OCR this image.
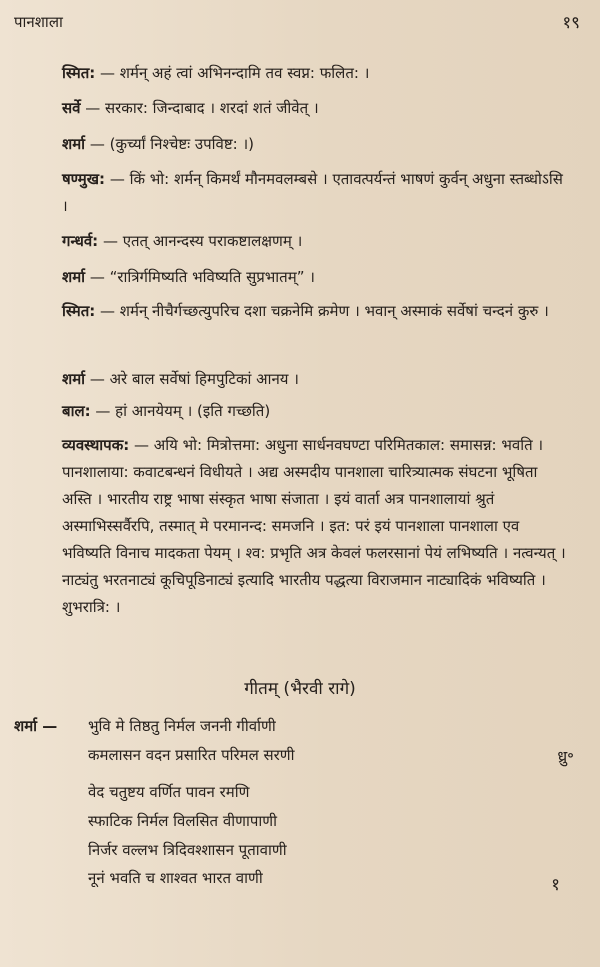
पानशाला	१९
स्मित: — शर्मन् अहं त्वां अभिनन्दामि तव स्वप्न: फलित: ।
सर्वे — सरकार: जिन्दाबाद । शरदां शतं जीवेत् ।
शर्मा — (कुर्च्यां निश्चेष्टः उपविष्ट: ।)
षण्मुख: — किं भो: शर्मन् किमर्थं मौनमवलम्बसे । एतावत्पर्यन्तं भाषणं कुर्वन् अधुना स्तब्धोऽसि ।
गन्धर्व: — एतत् आनन्दस्य पराकष्टालक्षणम् ।
शर्मा — “रात्रिर्गमिष्यति भविष्यति सुप्रभातम्” ।
स्मित: — शर्मन् नीचैर्गच्छत्युपरिच दशा चक्रनेमि क्रमेण । भवान् अस्माकं सर्वेषां चन्दनं कुरु ।
शर्मा — अरे बाल सर्वेषां हिमपुटिकां आनय ।
बाल: — हां आनयेयम् । (इति गच्छति)
व्यवस्थापक: — अयि भो: मित्रोत्तमा: अधुना सार्धनवघण्टा परिमितकाल: समासन्न: भवति । पानशालाया: कवाटबन्धनं विधीयते । अद्य अस्मदीय पानशाला चारित्र्यात्मक संघटना भूषिता अस्ति । भारतीय राष्ट्र भाषा संस्कृत भाषा संजाता । इयं वार्ता अत्र पानशालायां श्रुतं अस्माभिस्सर्वैरपि, तस्मात् मे परमानन्द: समजनि । इत: परं इयं पानशाला पानशाला एव भविष्यति विनाच मादकता पेयम् । श्व: प्रभृति अत्र केवलं फलरसानां पेयं लभिष्यति । नत्वन्यत् । नाट्यंतु भरतनाट्यं कूचिपूडिनाट्यं इत्यादि भारतीय पद्धत्या विराजमान नाट्यादिकं भविष्यति । शुभरात्रि: ।
गीतम् (भैरवी रागे)
शर्मा — भुवि मे तिष्ठतु निर्मल जननी गीर्वाणी
कमलासन वदन प्रसारित परिमल सरणी	ध्रु॰
वेद चतुष्टय वर्णित पावन रमणि
स्फाटिक निर्मल विलसित वीणापाणी
निर्जर वल्लभ त्रिदिवश्शासन पूतावाणी
नूनं भवति च शाश्वत भारत वाणी	१
